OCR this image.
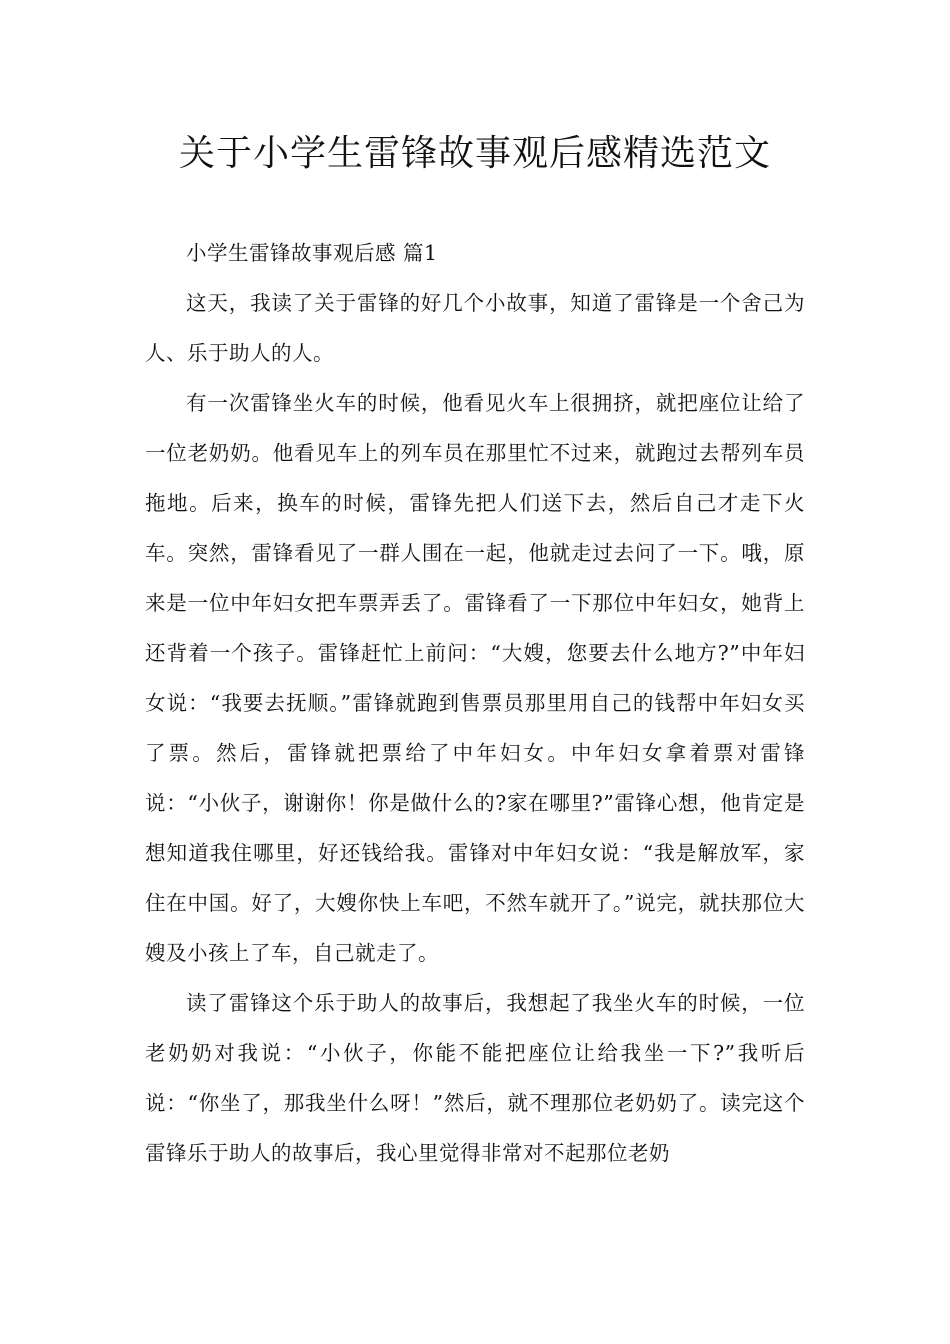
关于小学生雷锋故事观后感精选范文

小学生雷锋故事观后感 篇1

这天，我读了关于雷锋的好几个小故事，知道了雷锋是一个舍己为人、乐于助人的人。

有一次雷锋坐火车的时候，他看见火车上很拥挤，就把座位让给了一位老奶奶。他看见车上的列车员在那里忙不过来，就跑过去帮列车员拖地。后来，换车的时候，雷锋先把人们送下去，然后自己才走下火车。突然，雷锋看见了一群人围在一起，他就走过去问了一下。哦，原来是一位中年妇女把车票弄丢了。雷锋看了一下那位中年妇女，她背上还背着一个孩子。雷锋赶忙上前问：“大嫂，您要去什么地方?”中年妇女说：“我要去抚顺。”雷锋就跑到售票员那里用自己的钱帮中年妇女买了票。然后，雷锋就把票给了中年妇女。中年妇女拿着票对雷锋说：“小伙子，谢谢你！你是做什么的?家在哪里?”雷锋心想，他肯定是想知道我住哪里，好还钱给我。雷锋对中年妇女说：“我是解放军，家住在中国。好了，大嫂你快上车吧，不然车就开了。”说完，就扶那位大嫂及小孩上了车，自己就走了。

读了雷锋这个乐于助人的故事后，我想起了我坐火车的时候，一位老奶奶对我说：“小伙子，你能不能把座位让给我坐一下?”我听后说：“你坐了，那我坐什么呀！”然后，就不理那位老奶奶了。读完这个雷锋乐于助人的故事后，我心里觉得非常对不起那位老奶
